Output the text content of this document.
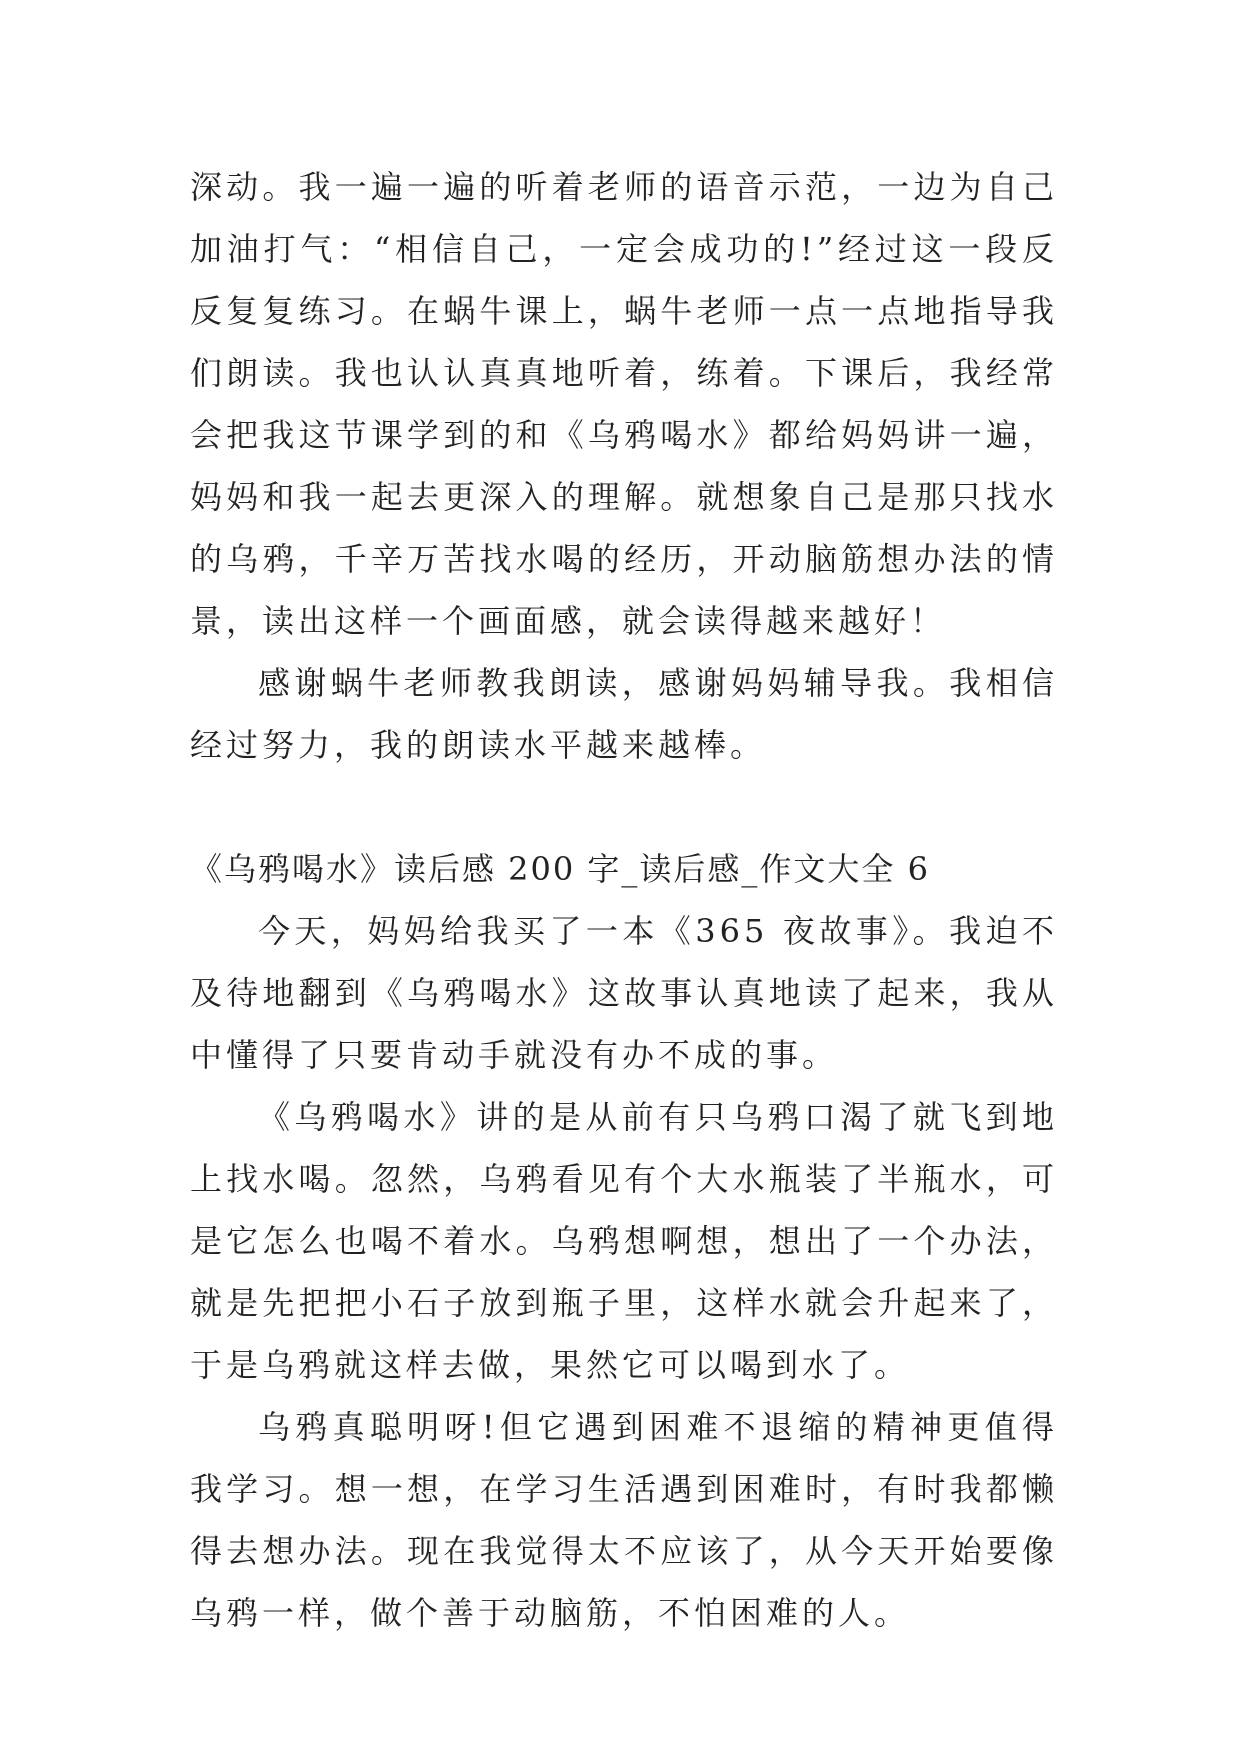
深动。我一遍一遍的听着老师的语音示范，一边为自己加油打气：“相信自己，一定会成功的!”经过这一段反反复复练习。在蜗牛课上，蜗牛老师一点一点地指导我们朗读。我也认认真真地听着，练着。下课后，我经常会把我这节课学到的和《乌鸦喝水》都给妈妈讲一遍，妈妈和我一起去更深入的理解。就想象自己是那只找水的乌鸦，千辛万苦找水喝的经历，开动脑筋想办法的情景，读出这样一个画面感，就会读得越来越好！

感谢蜗牛老师教我朗读，感谢妈妈辅导我。我相信经过努力，我的朗读水平越来越棒。

《乌鸦喝水》读后感 200 字_读后感_作文大全 6

今天，妈妈给我买了一本《365 夜故事》。我迫不及待地翻到《乌鸦喝水》这故事认真地读了起来，我从中懂得了只要肯动手就没有办不成的事。

《乌鸦喝水》讲的是从前有只乌鸦口渴了就飞到地上找水喝。忽然，乌鸦看见有个大水瓶装了半瓶水，可是它怎么也喝不着水。乌鸦想啊想，想出了一个办法，就是先把把小石子放到瓶子里，这样水就会升起来了，于是乌鸦就这样去做，果然它可以喝到水了。

乌鸦真聪明呀!但它遇到困难不退缩的精神更值得我学习。想一想，在学习生活遇到困难时，有时我都懒得去想办法。现在我觉得太不应该了，从今天开始要像乌鸦一样，做个善于动脑筋，不怕困难的人。
